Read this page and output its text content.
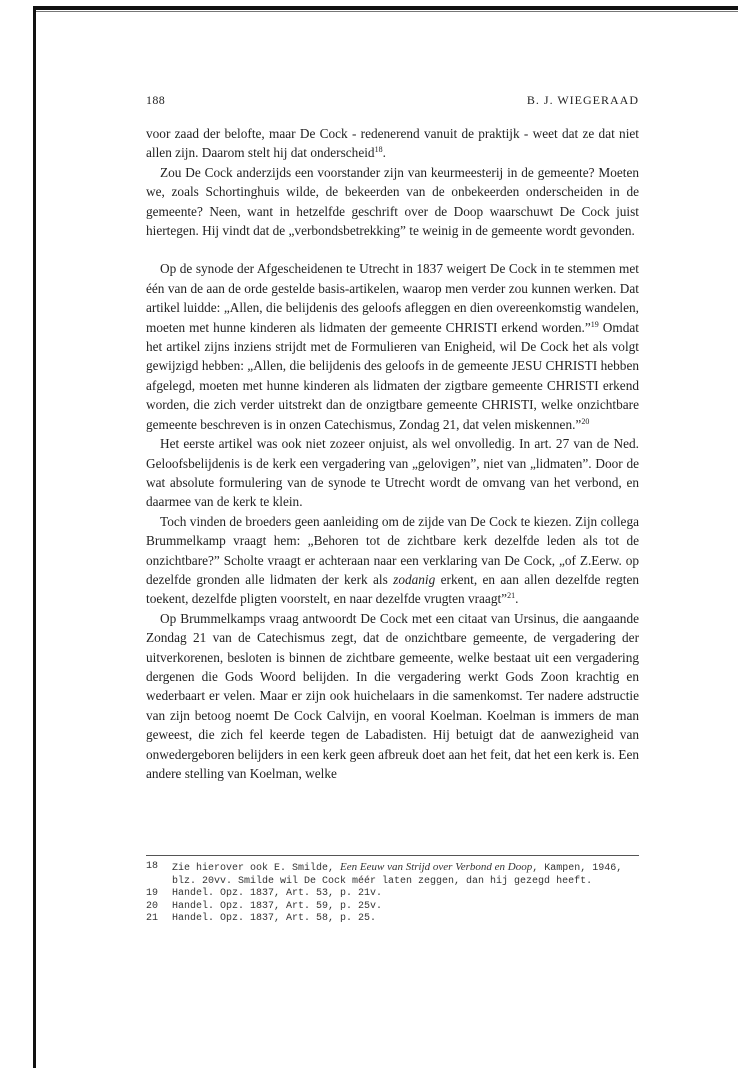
188	B. J. WIEGERAAD

voor zaad der belofte, maar De Cock - redenerend vanuit de praktijk - weet dat ze dat niet allen zijn. Daarom stelt hij dat onderscheid$^{18}$.

Zou De Cock anderzijds een voorstander zijn van keurmeesterij in de gemeente? Moeten we, zoals Schortinghuis wilde, de bekeerden van de onbekeerden onderscheiden in de gemeente? Neen, want in hetzelfde geschrift over de Doop waarschuwt De Cock juist hiertegen. Hij vindt dat de „verbondsbetrekking” te weinig in de gemeente wordt gevonden.

Op de synode der Afgescheidenen te Utrecht in 1837 weigert De Cock in te stemmen met één van de aan de orde gestelde basis-artikelen, waarop men verder zou kunnen werken. Dat artikel luidde: „Allen, die belijdenis des geloofs afleggen en dien overeenkomstig wandelen, moeten met hunne kinderen als lidmaten der gemeente CHRISTI erkend worden.”$^{19}$ Omdat het artikel zijns inziens strijdt met de Formulieren van Enigheid, wil De Cock het als volgt gewijzigd hebben: „Allen, die belijdenis des geloofs in de gemeente JESU CHRISTI hebben afgelegd, moeten met hunne kinderen als lidmaten der zigtbare gemeente CHRISTI erkend worden, die zich verder uitstrekt dan de onzigtbare gemeente CHRISTI, welke onzichtbare gemeente beschreven is in onzen Catechismus, Zondag 21, dat velen miskennen.”$^{20}$

Het eerste artikel was ook niet zozeer onjuist, als wel onvolledig. In art. 27 van de Ned. Geloofsbelijdenis is de kerk een vergadering van „gelovigen”, niet van „lidmaten”. Door de wat absolute formulering van de synode te Utrecht wordt de omvang van het verbond, en daarmee van de kerk te klein.

Toch vinden de broeders geen aanleiding om de zijde van De Cock te kiezen. Zijn collega Brummelkamp vraagt hem: „Behoren tot de zichtbare kerk dezelfde leden als tot de onzichtbare?” Scholte vraagt er achteraan naar een verklaring van De Cock, „of Z.Eerw. op dezelfde gronden alle lidmaten der kerk als zodanig erkent, en aan allen dezelfde regten toekent, dezelfde pligten voorstelt, en naar dezelfde vrugten vraagt”$^{21}$.

Op Brummelkamps vraag antwoordt De Cock met een citaat van Ursinus, die aangaande Zondag 21 van de Catechismus zegt, dat de onzichtbare gemeente, de vergadering der uitverkorenen, besloten is binnen de zichtbare gemeente, welke bestaat uit een vergadering dergenen die Gods Woord belijden. In die vergadering werkt Gods Zoon krachtig en wederbaart er velen. Maar er zijn ook huichelaars in die samenkomst. Ter nadere adstructie van zijn betoog noemt De Cock Calvijn, en vooral Koelman. Koelman is immers de man geweest, die zich fel keerde tegen de Labadisten. Hij betuigt dat de aanwezigheid van onwedergeboren belijders in een kerk geen afbreuk doet aan het feit, dat het een kerk is. Een andere stelling van Koelman, welke

18	Zie hierover ook E. Smilde, Een Eeuw van Strijd over Verbond en Doop, Kampen, 1946, blz. 20vv. Smilde wil De Cock méér laten zeggen, dan hij gezegd heeft.
19	Handel. Opz. 1837, Art. 53, p. 21v.
20	Handel. Opz. 1837, Art. 59, p. 25v.
21	Handel. Opz. 1837, Art. 58, p. 25.
